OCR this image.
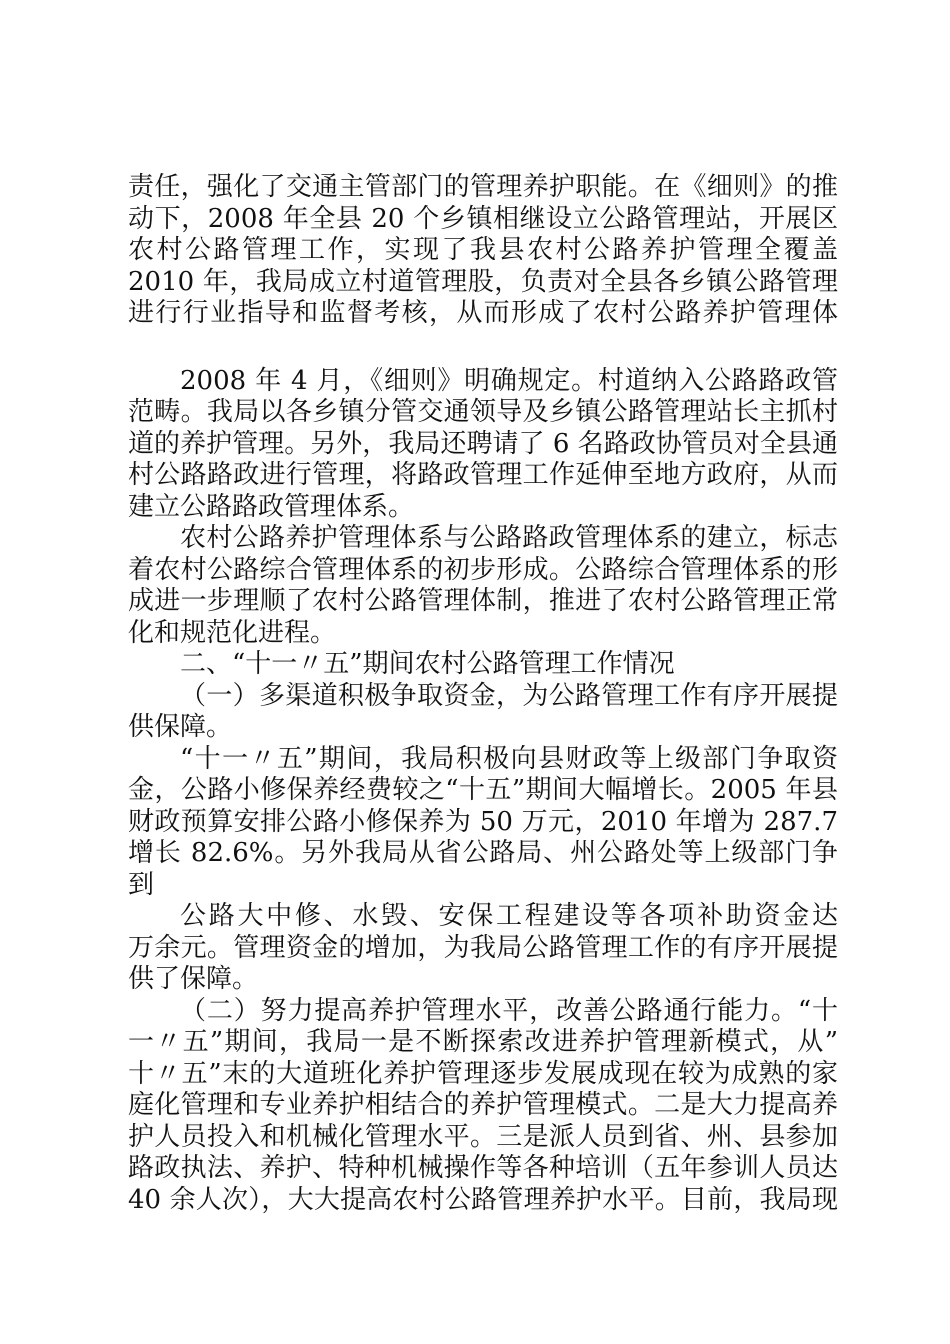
责任，强化了交通主管部门的管理养护职能。在《细则》的推
动下，2008 年全县 20 个乡镇相继设立公路管理站，开展区
农村公路管理工作，实现了我县农村公路养护管理全覆盖
2010 年，我局成立村道管理股，负责对全县各乡镇公路管理
进行行业指导和监督考核，从而形成了农村公路养护管理体
2008 年 4 月，《细则》明确规定。村道纳入公路路政管
范畴。我局以各乡镇分管交通领导及乡镇公路管理站长主抓村
道的养护管理。另外，我局还聘请了 6 名路政协管员对全县通
村公路路政进行管理，将路政管理工作延伸至地方政府，从而
建立公路路政管理体系。
农村公路养护管理体系与公路路政管理体系的建立，标志
着农村公路综合管理体系的初步形成。公路综合管理体系的形
成进一步理顺了农村公路管理体制，推进了农村公路管理正常
化和规范化进程。
二、“十一〃五”期间农村公路管理工作情况
（一）多渠道积极争取资金，为公路管理工作有序开展提
供保障。
“十一〃五”期间，我局积极向县财政等上级部门争取资
金，公路小修保养经费较之“十五”期间大幅增长。2005 年县
财政预算安排公路小修保养为 50 万元，2010 年增为 287.7
增长 82.6%。另外我局从省公路局、州公路处等上级部门争
到
公路大中修、水毁、安保工程建设等各项补助资金达
万余元。管理资金的增加，为我局公路管理工作的有序开展提
供了保障。
（二）努力提高养护管理水平，改善公路通行能力。“十
一〃五”期间，我局一是不断探索改进养护管理新模式，从”
十〃五”末的大道班化养护管理逐步发展成现在较为成熟的家
庭化管理和专业养护相结合的养护管理模式。二是大力提高养
护人员投入和机械化管理水平。三是派人员到省、州、县参加
路政执法、养护、特种机械操作等各种培训（五年参训人员达
40 余人次），大大提高农村公路管理养护水平。目前，我局现
